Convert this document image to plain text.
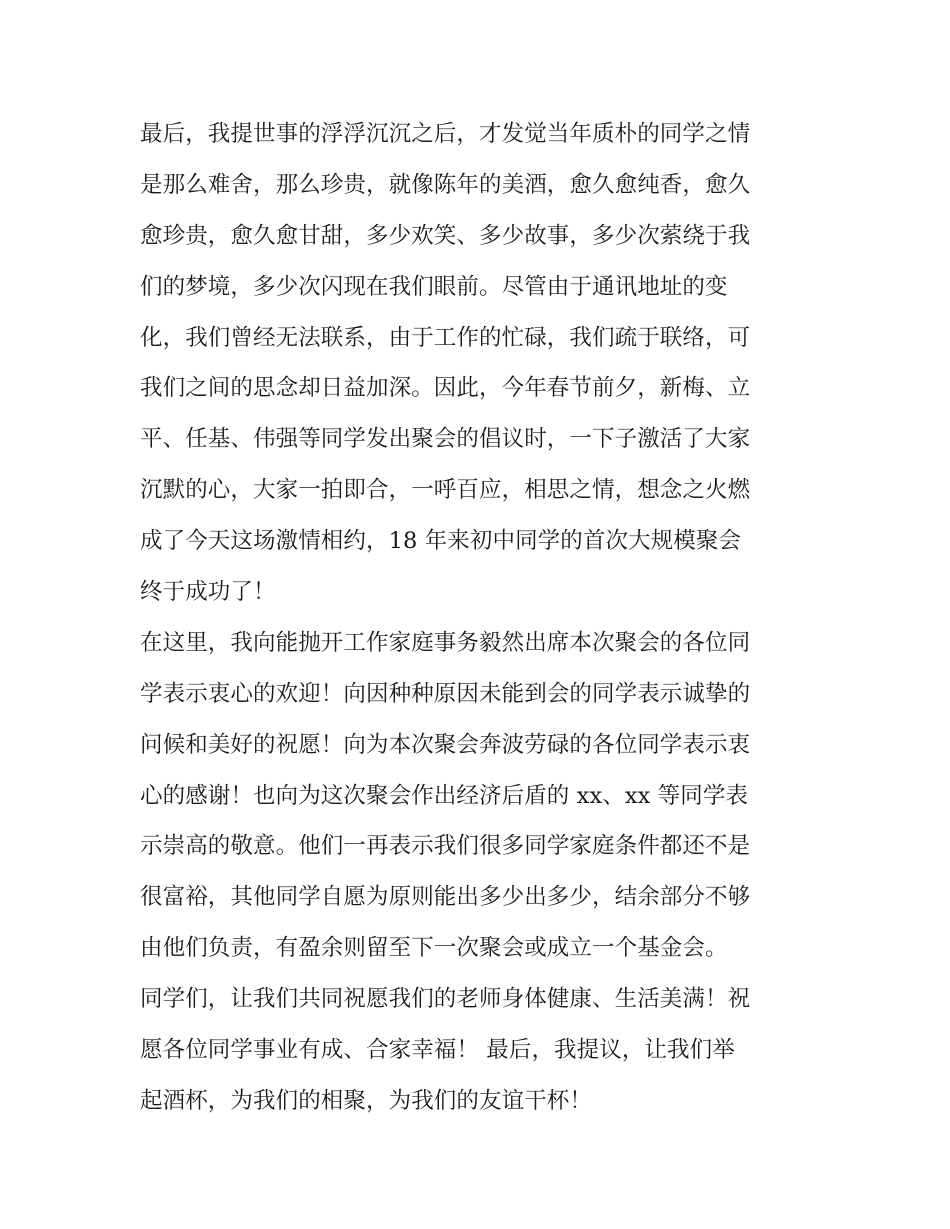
最后，我提世事的浮浮沉沉之后，才发觉当年质朴的同学之情
是那么难舍，那么珍贵，就像陈年的美酒，愈久愈纯香，愈久
愈珍贵，愈久愈甘甜，多少欢笑、多少故事，多少次萦绕于我
们的梦境，多少次闪现在我们眼前。尽管由于通讯地址的变
化，我们曾经无法联系，由于工作的忙碌，我们疏于联络，可
我们之间的思念却日益加深。因此，今年春节前夕，新梅、立
平、任基、伟强等同学发出聚会的倡议时，一下子激活了大家
沉默的心，大家一拍即合，一呼百应，相思之情，想念之火燃
成了今天这场激情相约，18 年来初中同学的首次大规模聚会
终于成功了！
在这里，我向能抛开工作家庭事务毅然出席本次聚会的各位同
学表示衷心的欢迎！向因种种原因未能到会的同学表示诚挚的
问候和美好的祝愿！向为本次聚会奔波劳碌的各位同学表示衷
心的感谢！也向为这次聚会作出经济后盾的 xx、xx 等同学表
示崇高的敬意。他们一再表示我们很多同学家庭条件都还不是
很富裕，其他同学自愿为原则能出多少出多少，结余部分不够
由他们负责，有盈余则留至下一次聚会或成立一个基金会。
同学们，让我们共同祝愿我们的老师身体健康、生活美满！祝
愿各位同学事业有成、合家幸福！ 最后，我提议，让我们举
起酒杯，为我们的相聚，为我们的友谊干杯！
